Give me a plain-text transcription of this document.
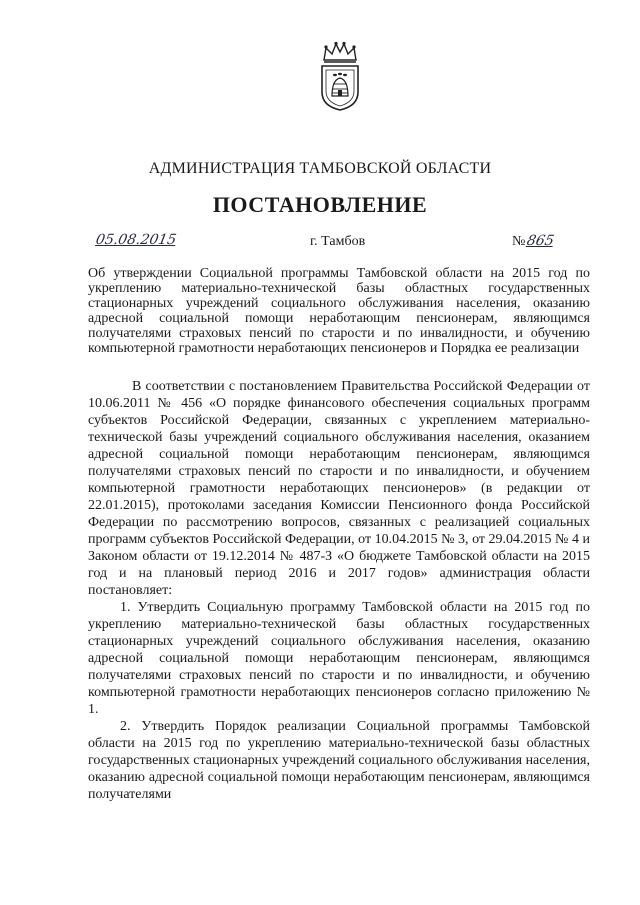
АДМИНИСТРАЦИЯ ТАМБОВСКОЙ ОБЛАСТИ
ПОСТАНОВЛЕНИЕ
05.08.2015	г. Тамбов	№865
Об утверждении Социальной программы Тамбовской области на 2015 год по укреплению материально-технической базы областных государственных стационарных учреждений социального обслуживания населения, оказанию адресной социальной помощи неработающим пенсионерам, являющимся получателями страховых пенсий по старости и по инвалидности, и обучению компьютерной грамотности неработающих пенсионеров и Порядка ее реализации

В соответствии с постановлением Правительства Российской Федерации от 10.06.2011 № 456 «О порядке финансового обеспечения социальных программ субъектов Российской Федерации, связанных с укреплением материально-технической базы учреждений социального обслуживания населения, оказанием адресной социальной помощи неработающим пенсионерам, являющимся получателями страховых пенсий по старости и по инвалидности, и обучением компьютерной грамотности неработающих пенсионеров» (в редакции от 22.01.2015), протоколами заседания Комиссии Пенсионного фонда Российской Федерации по рассмотрению вопросов, связанных с реализацией социальных программ субъектов Российской Федерации, от 10.04.2015 № 3, от 29.04.2015 № 4 и Законом области от 19.12.2014 № 487-З «О бюджете Тамбовской области на 2015 год и на плановый период 2016 и 2017 годов» администрация области постановляет:

1. Утвердить Социальную программу Тамбовской области на 2015 год по укреплению материально-технической базы областных государственных стационарных учреждений социального обслуживания населения, оказанию адресной социальной помощи неработающим пенсионерам, являющимся получателями страховых пенсий по старости и по инвалидности, и обучению компьютерной грамотности неработающих пенсионеров согласно приложению № 1.

2. Утвердить Порядок реализации Социальной программы Тамбовской области на 2015 год по укреплению материально-технической базы областных государственных стационарных учреждений социального обслуживания населения, оказанию адресной социальной помощи неработающим пенсионерам, являющимся получателями
